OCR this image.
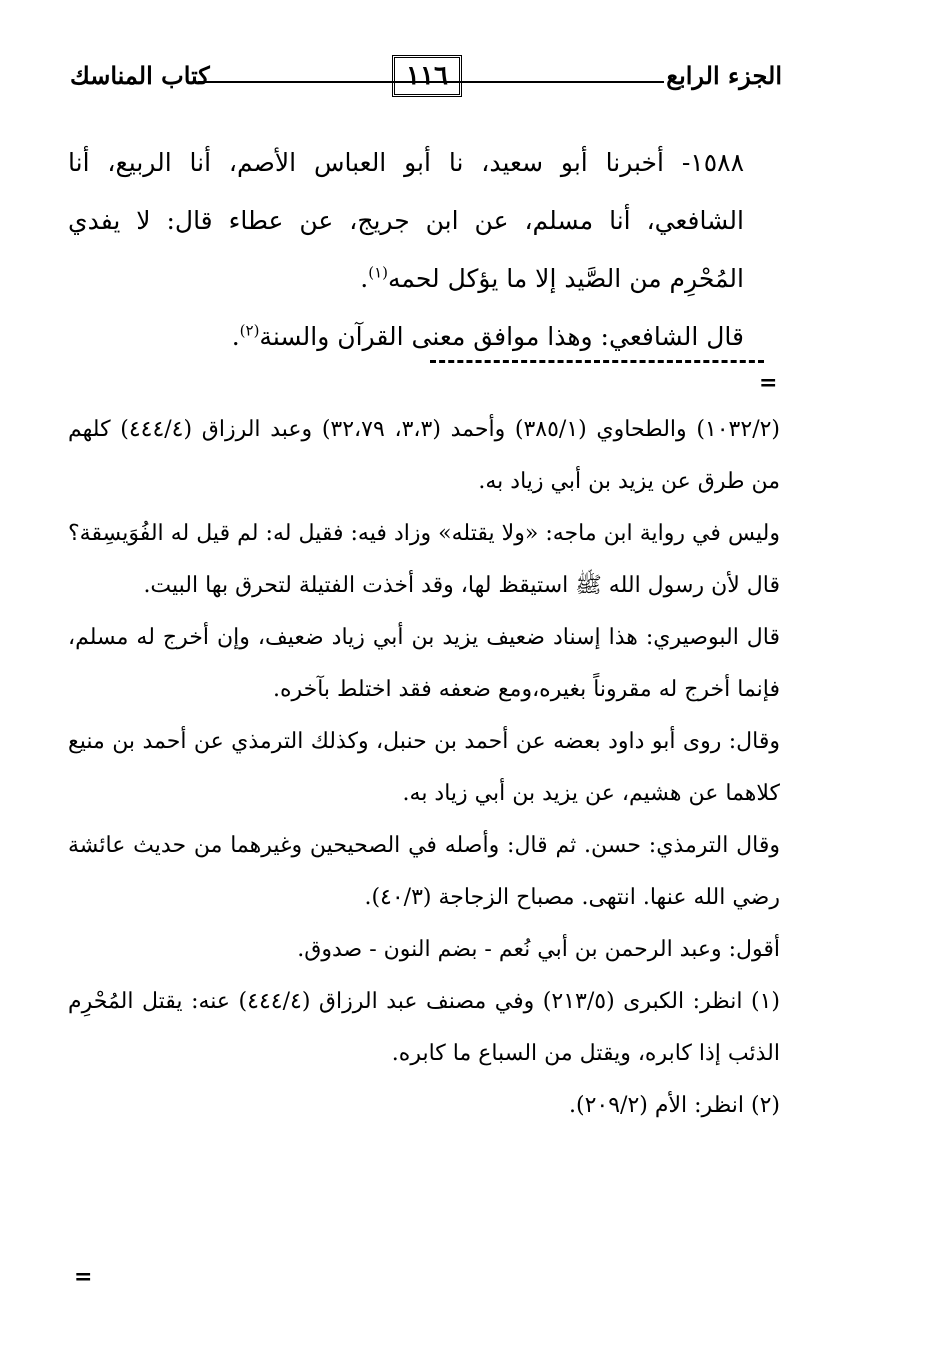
الجزء الرابع
١١٦
كتاب المناسك

١٥٨٨- أخبرنا أبو سعيد، نا أبو العباس الأصم، أنا الربيع، أنا الشافعي، أنا مسلم، عن ابن جريج، عن عطاء قال: لا يفدي المُحْرِم من الصَّيد إلا ما يؤكل لحمه$^{(١)}$.

قال الشافعي: وهذا موافق معنى القرآن والسنة$^{(٢)}$.

=

(١٠٣٢/٢) والطحاوي (٣٨٥/١) وأحمد (٣،٣، ٣٢،٧٩) وعبد الرزاق (٤٤٤/٤) كلهم من طرق عن يزيد بن أبي زياد به.

وليس في رواية ابن ماجه: «ولا يقتله» وزاد فيه: فقيل له: لم قيل له الفُوَيسِقة؟ قال لأن رسول الله ﷺ استيقظ لها، وقد أخذت الفتيلة لتحرق بها البيت.

قال البوصيري: هذا إسناد ضعيف يزيد بن أبي زياد ضعيف، وإن أخرج له مسلم، فإنما أخرج له مقروناً بغيره،ومع ضعفه فقد اختلط بآخره.

وقال: روى أبو داود بعضه عن أحمد بن حنبل، وكذلك الترمذي عن أحمد بن منيع كلاهما عن هشيم، عن يزيد بن أبي زياد به.

وقال الترمذي: حسن. ثم قال: وأصله في الصحيحين وغيرهما من حديث عائشة رضي الله عنها. انتهى. مصباح الزجاجة (٤٠/٣).

أقول: وعبد الرحمن بن أبي نُعم - بضم النون - صدوق.

(١) انظر: الكبرى (٢١٣/٥) وفي مصنف عبد الرزاق (٤٤٤/٤) عنه: يقتل المُحْرِم الذئب إذا كابره، ويقتل من السباع ما كابره.

(٢) انظر: الأم (٢٠٩/٢).

=
